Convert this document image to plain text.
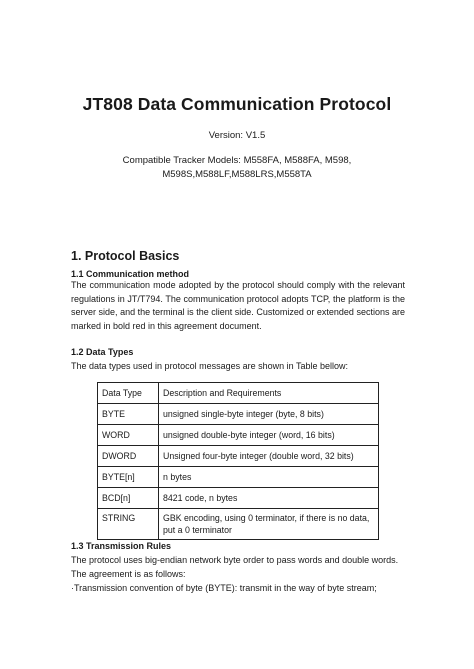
JT808 Data Communication Protocol
Version: V1.5
Compatible Tracker Models: M558FA, M588FA, M598,
M598S,M588LF,M588LRS,M558TA
1. Protocol Basics
1.1 Communication method
The communication mode adopted by the protocol should comply with the relevant regulations in JT/T794. The communication protocol adopts TCP, the platform is the server side, and the terminal is the client side. Customized or extended sections are marked in bold red in this agreement document.
1.2 Data Types
The data types used in protocol messages are shown in Table bellow:
Data Type	Description and Requirements
BYTE	unsigned single-byte integer (byte, 8 bits)
WORD	unsigned double-byte integer (word, 16 bits)
DWORD	Unsigned four-byte integer (double word, 32 bits)
BYTE[n]	n bytes
BCD[n]	8421 code, n bytes
STRING	GBK encoding, using 0 terminator, if there is no data, put a 0 terminator
1.3 Transmission Rules
The protocol uses big-endian network byte order to pass words and double words.
The agreement is as follows:
·Transmission convention of byte (BYTE): transmit in the way of byte stream;
